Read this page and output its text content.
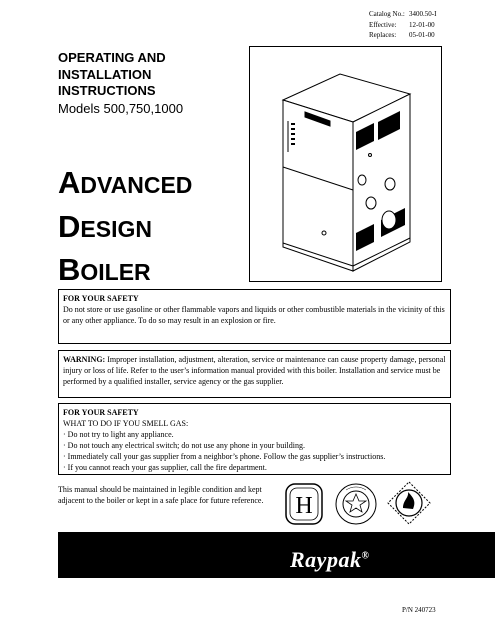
Catalog No.: 3400.50-I
Effective:	12-01-00
Replaces:	05-01-00
OPERATING AND
INSTALLATION
INSTRUCTIONS
Models 500,750,1000
ADVANCED
DESIGN
BOILER
FOR YOUR SAFETY
Do not store or use gasoline or other flammable vapors and liquids or other combustible materials in the vicinity of this or any other appliance. To do so may result in an explosion or fire.
WARNING: Improper installation, adjustment, alteration, service or maintenance can cause property damage, personal injury or loss of life. Refer to the user’s information manual provided with this boiler. Installation and service must be performed by a qualified installer, service agency or the gas supplier.
FOR YOUR SAFETY
WHAT TO DO IF YOU SMELL GAS:
· Do not try to light any appliance.
· Do not touch any electrical switch; do not use any phone in your building.
· Immediately call your gas supplier from a neighbor’s phone. Follow the gas supplier’s instructions.
· If you cannot reach your gas supplier, call the fire department.
This manual should be maintained in legible condition and kept adjacent to the boiler or kept in a safe place for future reference.	H
Raypak®
P/N 240723
